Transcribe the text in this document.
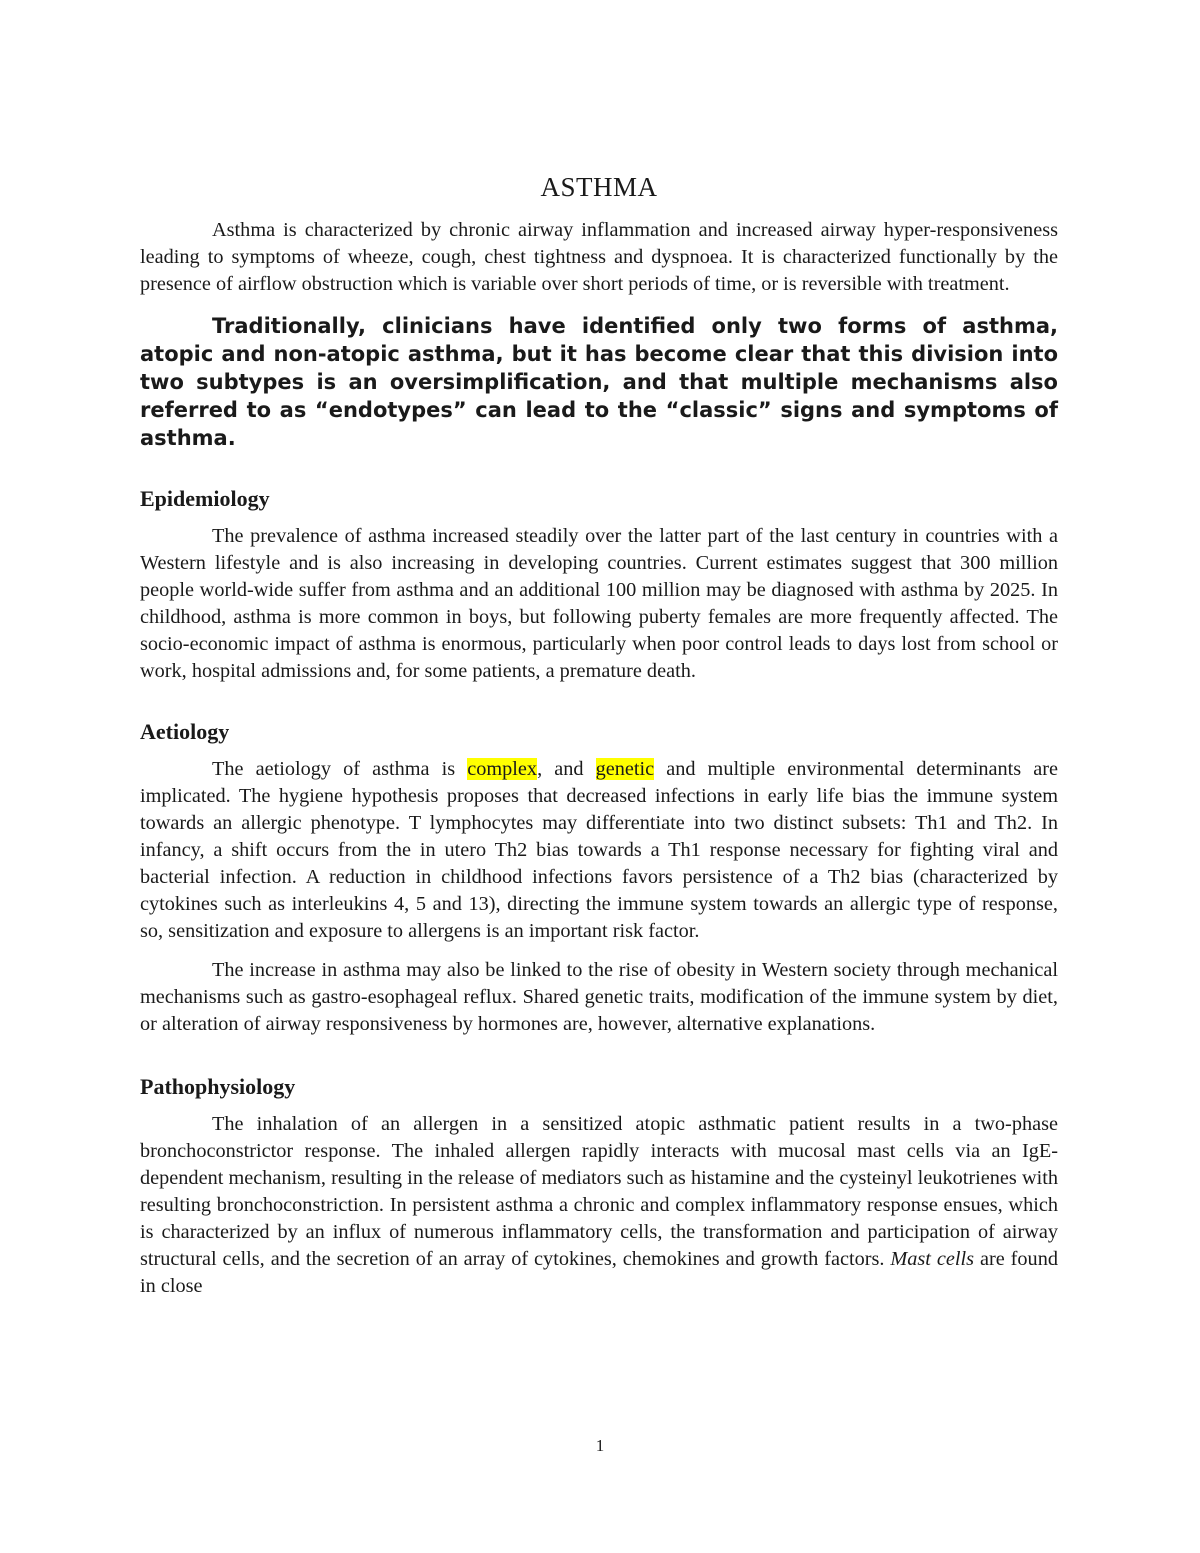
ASTHMA

Asthma is characterized by chronic airway inflammation and increased airway hyper-responsiveness leading to symptoms of wheeze, cough, chest tightness and dyspnoea. It is characterized functionally by the presence of airflow obstruction which is variable over short periods of time, or is reversible with treatment.

Traditionally, clinicians have identified only two forms of asthma, atopic and non-atopic asthma, but it has become clear that this division into two subtypes is an oversimplification, and that multiple mechanisms also referred to as “endotypes” can lead to the “classic” signs and symptoms of asthma.

Epidemiology

The prevalence of asthma increased steadily over the latter part of the last century in countries with a Western lifestyle and is also increasing in developing countries. Current estimates suggest that 300 million people world-wide suffer from asthma and an additional 100 million may be diagnosed with asthma by 2025. In childhood, asthma is more common in boys, but following puberty females are more frequently affected. The socio-economic impact of asthma is enormous, particularly when poor control leads to days lost from school or work, hospital admissions and, for some patients, a premature death.

Aetiology

The aetiology of asthma is complex, and genetic and multiple environmental determinants are implicated. The hygiene hypothesis proposes that decreased infections in early life bias the immune system towards an allergic phenotype. T lymphocytes may differentiate into two distinct subsets: Th1 and Th2. In infancy, a shift occurs from the in utero Th2 bias towards a Th1 response necessary for fighting viral and bacterial infection. A reduction in childhood infections favors persistence of a Th2 bias (characterized by cytokines such as interleukins 4, 5 and 13), directing the immune system towards an allergic type of response, so, sensitization and exposure to allergens is an important risk factor.

The increase in asthma may also be linked to the rise of obesity in Western society through mechanical mechanisms such as gastro-esophageal reflux. Shared genetic traits, modification of the immune system by diet, or alteration of airway responsiveness by hormones are, however, alternative explanations.

Pathophysiology

The inhalation of an allergen in a sensitized atopic asthmatic patient results in a two-phase bronchoconstrictor response. The inhaled allergen rapidly interacts with mucosal mast cells via an IgE-dependent mechanism, resulting in the release of mediators such as histamine and the cysteinyl leukotrienes with resulting bronchoconstriction. In persistent asthma a chronic and complex inflammatory response ensues, which is characterized by an influx of numerous inflammatory cells, the transformation and participation of airway structural cells, and the secretion of an array of cytokines, chemokines and growth factors. Mast cells are found in close

1
